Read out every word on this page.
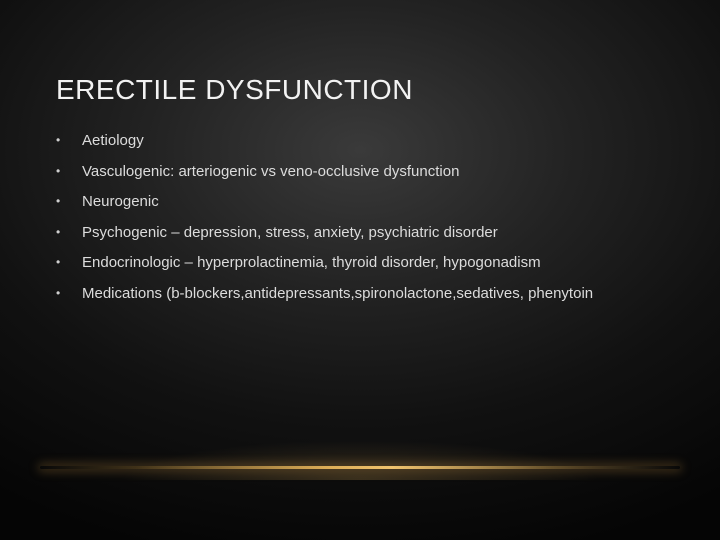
ERECTILE DYSFUNCTION
• Aetiology
• Vasculogenic: arteriogenic vs veno-occlusive dysfunction
• Neurogenic
• Psychogenic – depression, stress, anxiety, psychiatric disorder
• Endocrinologic – hyperprolactinemia, thyroid disorder, hypogonadism
• Medications (b-blockers,antidepressants,spironolactone,sedatives, phenytoin
